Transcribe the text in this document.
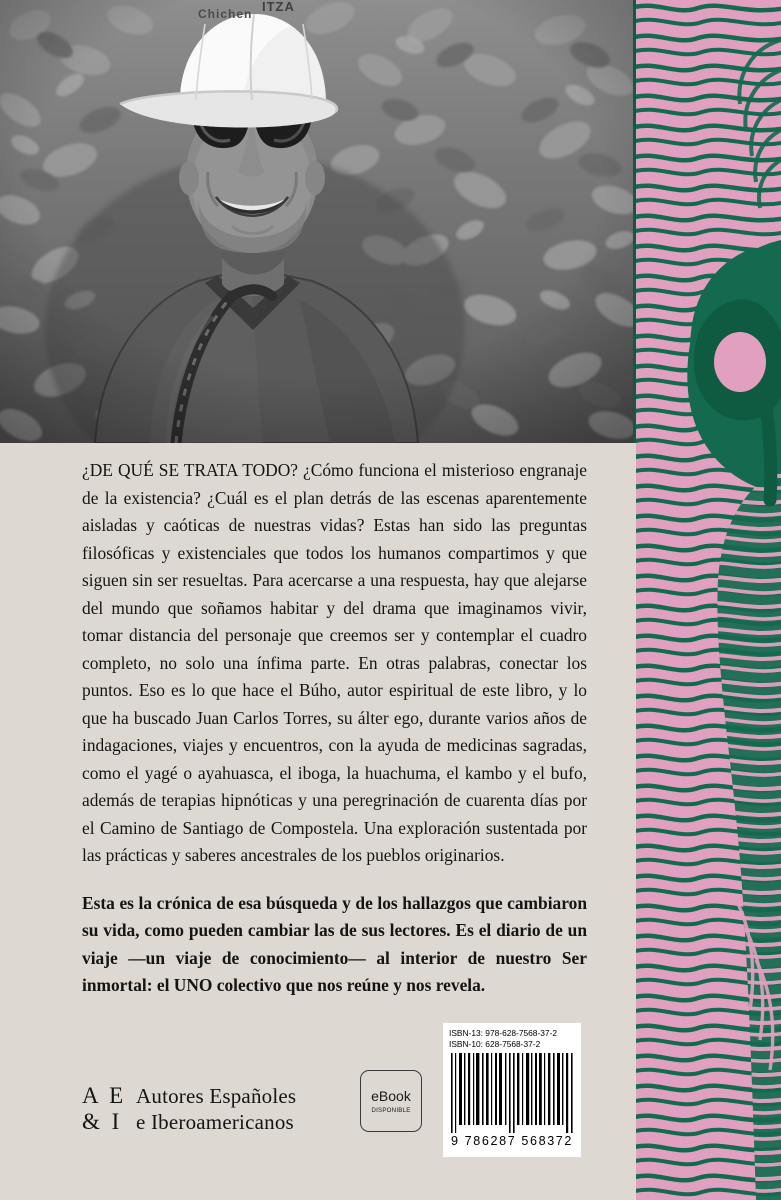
¿DE QUÉ SE TRATA TODO? ¿Cómo funciona el misterioso engranaje de la existencia? ¿Cuál es el plan detrás de las escenas aparentemente aisladas y caóticas de nuestras vidas? Estas han sido las preguntas filosóficas y existenciales que todos los humanos compartimos y que siguen sin ser resueltas. Para acercarse a una respuesta, hay que alejarse del mundo que soñamos habitar y del drama que imaginamos vivir, tomar distancia del personaje que creemos ser y contemplar el cuadro completo, no solo una ínfima parte. En otras palabras, conectar los puntos. Eso es lo que hace el Búho, autor espiritual de este libro, y lo que ha buscado Juan Carlos Torres, su álter ego, durante varios años de indagaciones, viajes y encuentros, con la ayuda de medicinas sagradas, como el yagé o ayahuasca, el iboga, la huachuma, el kambo y el bufo, además de terapias hipnóticas y una peregrinación de cuarenta días por el Camino de Santiago de Compostela. Una exploración sustentada por las prácticas y saberes ancestrales de los pueblos originarios.

Esta es la crónica de esa búsqueda y de los hallazgos que cambiaron su vida, como pueden cambiar las de sus lectores. Es el diario de un viaje —un viaje de conocimiento— al interior de nuestro Ser inmortal: el UNO colectivo que nos reúne y nos revela.

A E Autores Españoles
& I e Iberoamericanos
eBook
DISPONIBLE
ISBN-13: 978-628-7568-37-2
ISBN-10: 628-7568-37-2
9 786287 568372
